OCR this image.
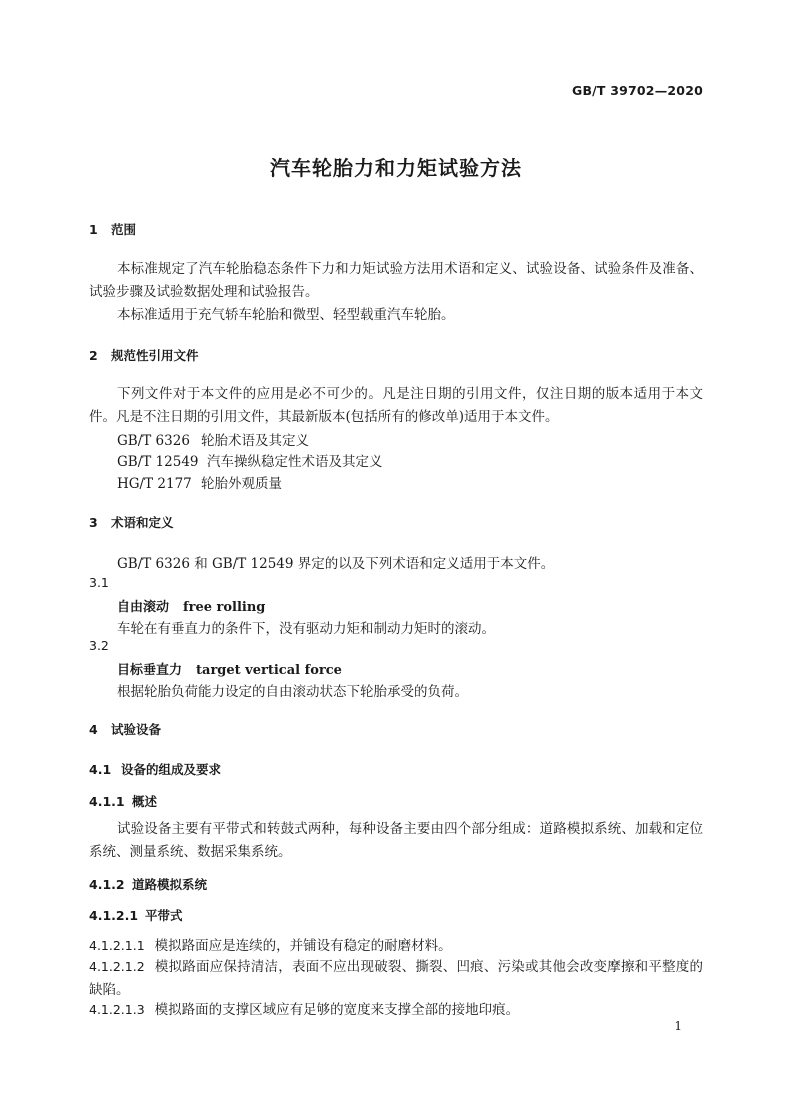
GB/T 39702—2020
汽车轮胎力和力矩试验方法
1 范围
本标准规定了汽车轮胎稳态条件下力和力矩试验方法用术语和定义、试验设备、试验条件及准备、试验步骤及试验数据处理和试验报告。
本标准适用于充气轿车轮胎和微型、轻型载重汽车轮胎。
2 规范性引用文件
下列文件对于本文件的应用是必不可少的。凡是注日期的引用文件，仅注日期的版本适用于本文件。凡是不注日期的引用文件，其最新版本(包括所有的修改单)适用于本文件。
GB/T 6326 轮胎术语及其定义
GB/T 12549 汽车操纵稳定性术语及其定义
HG/T 2177 轮胎外观质量
3 术语和定义
GB/T 6326 和 GB/T 12549 界定的以及下列术语和定义适用于本文件。
3.1
自由滚动 free rolling
车轮在有垂直力的条件下，没有驱动力矩和制动力矩时的滚动。
3.2
目标垂直力 target vertical force
根据轮胎负荷能力设定的自由滚动状态下轮胎承受的负荷。
4 试验设备
4.1 设备的组成及要求
4.1.1 概述
试验设备主要有平带式和转鼓式两种，每种设备主要由四个部分组成：道路模拟系统、加载和定位系统、测量系统、数据采集系统。
4.1.2 道路模拟系统
4.1.2.1 平带式
4.1.2.1.1 模拟路面应是连续的，并铺设有稳定的耐磨材料。
4.1.2.1.2 模拟路面应保持清洁，表面不应出现破裂、撕裂、凹痕、污染或其他会改变摩擦和平整度的缺陷。
4.1.2.1.3 模拟路面的支撑区域应有足够的宽度来支撑全部的接地印痕。
1
